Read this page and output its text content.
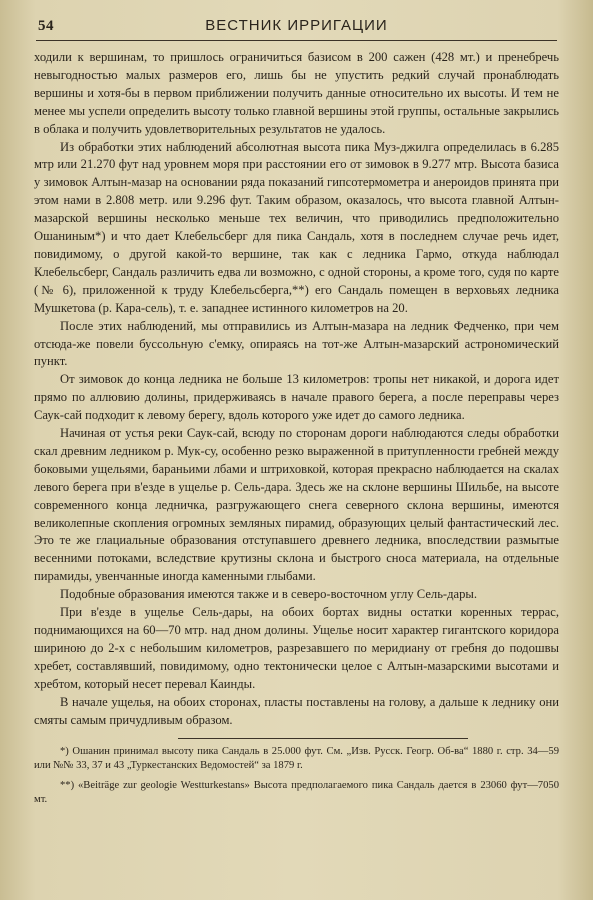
54	ВЕСТНИК ИРРИГАЦИИ

ходили к вершинам, то пришлось ограничиться базисом в 200 сажен (428 мт.) и пренебречь невыгодностью малых размеров его, лишь бы не упустить редкий случай пронаблюдать вершины и хотя-бы в первом приближении получить данные относительно их высоты. И тем не менее мы успели определить высоту только главной вершины этой группы, остальные закрылись в облака и получить удовлетворительных результатов не удалось.

Из обработки этих наблюдений абсолютная высота пика Муз-джилга определилась в 6.285 мтр или 21.270 фут над уровнем моря при расстоянии его от зимовок в 9.277 мтр. Высота базиса у зимовок Алтын-мазар на основании ряда показаний гипсотермометра и анероидов принята при этом нами в 2.808 метр. или 9.296 фут. Таким образом, оказалось, что высота главной Алтын-мазарской вершины несколько меньше тех величин, что приводились предположительно Ошаниным*) и что дает Клебельсберг для пика Сандаль, хотя в последнем случае речь идет, повидимому, о другой какой-то вершине, так как с ледника Гармо, откуда наблюдал Клебельсберг, Сандаль различить едва ли возможно, с одной стороны, а кроме того, судя по карте (№ 6), приложенной к труду Клебельсберга,**) его Сандаль помещен в верховьях ледника Мушкетова (р. Кара-сель), т. е. западнее истинного километров на 20.

После этих наблюдений, мы отправились из Алтын-мазара на ледник Федченко, при чем отсюда-же повели буссольную с'емку, опираясь на тот-же Алтын-мазарский астрономический пункт.

От зимовок до конца ледника не больше 13 километров: тропы нет никакой, и дорога идет прямо по аллювию долины, придерживаясь в начале правого берега, а после переправы через Саук-сай подходит к левому берегу, вдоль которого уже идет до самого ледника.

Начиная от устья реки Саук-сай, всюду по сторонам дороги наблюдаются следы обработки скал древним ледником р. Мук-су, особенно резко выраженной в притупленности гребней между боковыми ущельями, бараньими лбами и штриховкой, которая прекрасно наблюдается на скалах левого берега при в'езде в ущелье р. Сель-дара. Здесь же на склоне вершины Шильбе, на высоте современного конца ледничка, разгружающего снега северного склона вершины, имеются великолепные скопления огромных земляных пирамид, образующих целый фантастический лес. Это те же глациальные образования отступавшего древнего ледника, впоследствии размытые весенними потоками, вследствие крутизны склона и быстрого сноса материала, на отдельные пирамиды, увенчанные иногда каменными глыбами.

Подобные образования имеются также и в северо-восточном углу Сель-дары.

При в'езде в ущелье Сель-дары, на обоих бортах видны остатки коренных террас, поднимающихся на 60—70 мтр. над дном долины. Ущелье носит характер гигантского коридора шириною до 2-х с небольшим километров, разрезавшего по меридиану от гребня до подошвы хребет, составлявший, повидимому, одно тектонически целое с Алтын-мазарскими высотами и хребтом, который несет перевал Каинды.

В начале ущелья, на обоих сторонах, пласты поставлены на голову, а дальше к леднику они смяты самым причудливым образом.

*) Ошанин принимал высоту пика Сандаль в 25.000 фут. См. „Изв. Русск. Геогр. Об-ва“ 1880 г. стр. 34—59 или №№ 33, 37 и 43 „Туркестанских Ведомостей“ за 1879 г.

**) «Beiträge zur geologie Westturkestans» Высота предполагаемого пика Сандаль дается в 23060 фут—7050 мт.
